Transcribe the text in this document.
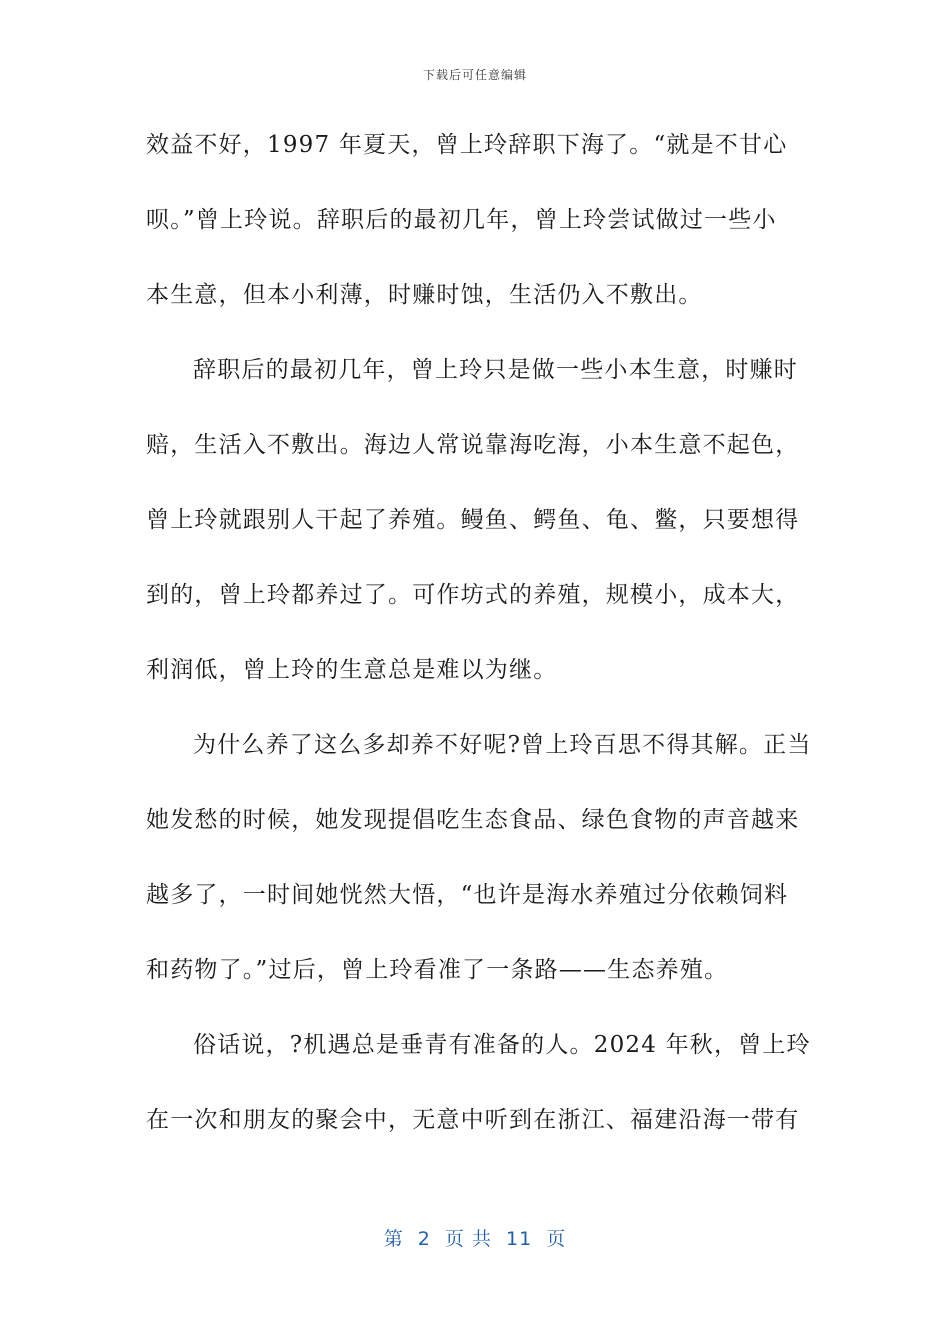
下载后可任意编辑
效益不好，1997 年夏天，曾上玲辞职下海了。“就是不甘心
呗。”曾上玲说。辞职后的最初几年，曾上玲尝试做过一些小
本生意，但本小利薄，时赚时蚀，生活仍入不敷出。
辞职后的最初几年，曾上玲只是做一些小本生意，时赚时
赔，生活入不敷出。海边人常说靠海吃海，小本生意不起色，
曾上玲就跟别人干起了养殖。鳗鱼、鳄鱼、龟、鳖，只要想得
到的，曾上玲都养过了。可作坊式的养殖，规模小，成本大，
利润低，曾上玲的生意总是难以为继。
为什么养了这么多却养不好呢?曾上玲百思不得其解。正当
她发愁的时候，她发现提倡吃生态食品、绿色食物的声音越来
越多了，一时间她恍然大悟，“也许是海水养殖过分依赖饲料
和药物了。”过后，曾上玲看准了一条路——生态养殖。
俗话说，?机遇总是垂青有准备的人。2024 年秋，曾上玲
在一次和朋友的聚会中，无意中听到在浙江、福建沿海一带有
第  2  页 共  11  页
